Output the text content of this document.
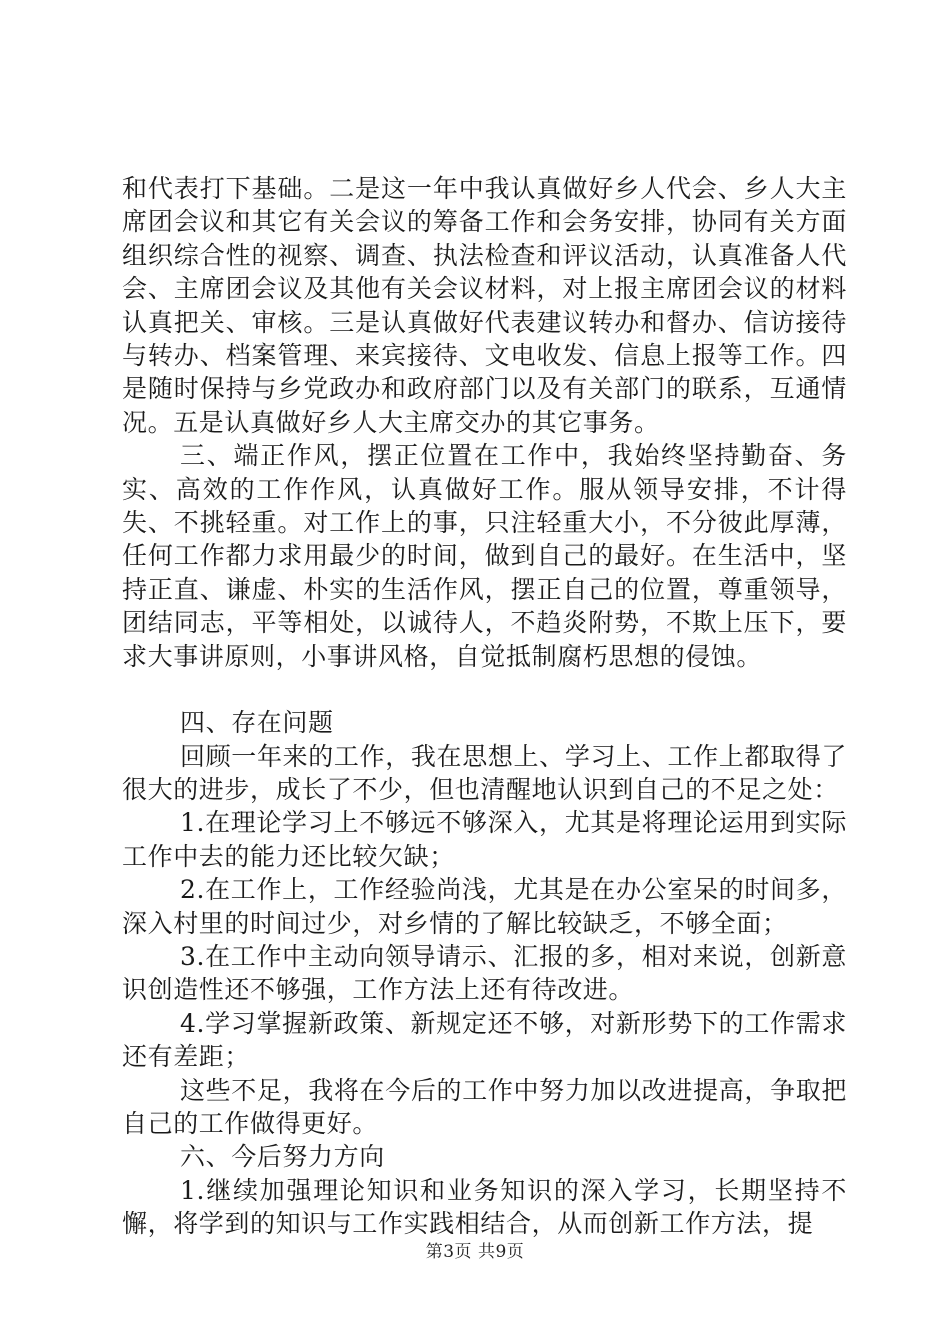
和代表打下基础。二是这一年中我认真做好乡人代会、乡人大主席团会议和其它有关会议的筹备工作和会务安排，协同有关方面组织综合性的视察、调查、执法检查和评议活动，认真准备人代会、主席团会议及其他有关会议材料，对上报主席团会议的材料认真把关、审核。三是认真做好代表建议转办和督办、信访接待与转办、档案管理、来宾接待、文电收发、信息上报等工作。四是随时保持与乡党政办和政府部门以及有关部门的联系，互通情况。五是认真做好乡人大主席交办的其它事务。

三、端正作风，摆正位置在工作中，我始终坚持勤奋、务实、高效的工作作风，认真做好工作。服从领导安排，不计得失、不挑轻重。对工作上的事，只注轻重大小，不分彼此厚薄，任何工作都力求用最少的时间，做到自己的最好。在生活中，坚持正直、谦虚、朴实的生活作风，摆正自己的位置，尊重领导，团结同志，平等相处，以诚待人，不趋炎附势，不欺上压下，要求大事讲原则，小事讲风格，自觉抵制腐朽思想的侵蚀。

四、存在问题

回顾一年来的工作，我在思想上、学习上、工作上都取得了很大的进步，成长了不少，但也清醒地认识到自己的不足之处：

1.在理论学习上不够远不够深入，尤其是将理论运用到实际工作中去的能力还比较欠缺；

2.在工作上，工作经验尚浅，尤其是在办公室呆的时间多，深入村里的时间过少，对乡情的了解比较缺乏，不够全面；

3.在工作中主动向领导请示、汇报的多，相对来说，创新意识创造性还不够强，工作方法上还有待改进。

4.学习掌握新政策、新规定还不够，对新形势下的工作需求还有差距；

这些不足，我将在今后的工作中努力加以改进提高，争取把自己的工作做得更好。

六、今后努力方向

1.继续加强理论知识和业务知识的深入学习，长期坚持不懈，将学到的知识与工作实践相结合，从而创新工作方法，提

第3页 共9页
